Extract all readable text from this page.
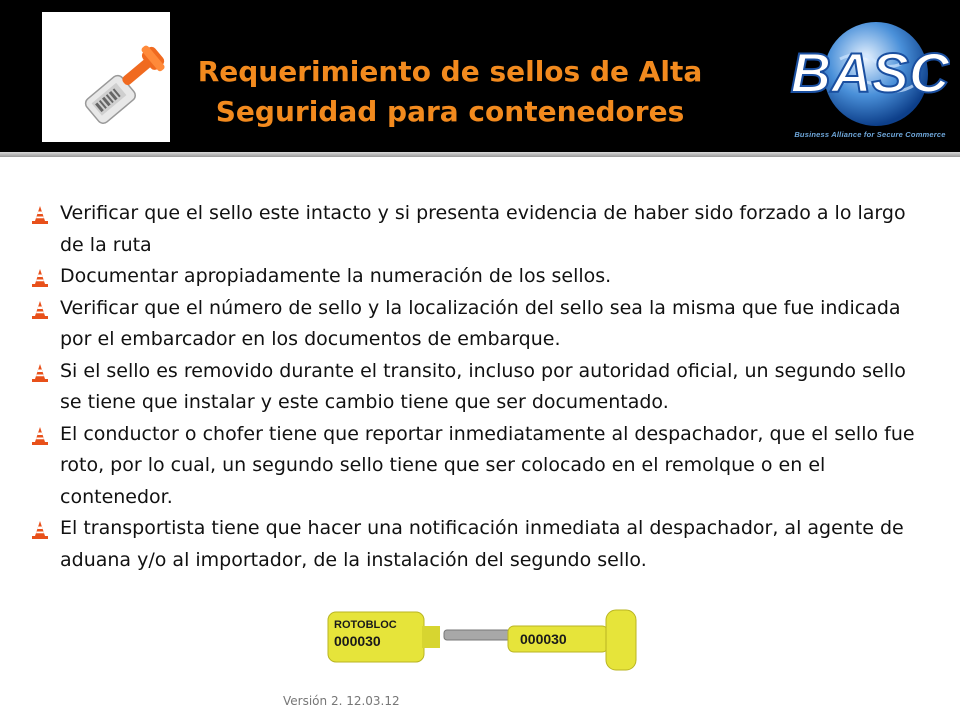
Requerimiento de sellos de Alta
Seguridad para contenedores
BASC
Business Alliance for Secure Commerce
Verificar que el sello este intacto y si presenta evidencia de haber sido forzado a lo largo de la ruta
Documentar apropiadamente la numeración de los sellos.
Verificar que el número de sello y la localización del sello sea la misma que fue indicada por el embarcador en los documentos de embarque.
Si el sello es removido durante el transito, incluso por autoridad oficial, un segundo sello se tiene que instalar y este cambio tiene que ser documentado.
El conductor o chofer tiene que reportar inmediatamente al despachador, que el sello fue roto, por lo cual, un segundo sello tiene que ser colocado en el remolque o en el contenedor.
El transportista tiene que hacer una notificación inmediata al despachador, al agente de aduana y/o al importador, de la instalación del segundo sello.
ROTOBLOC
000030	000030
Versión 2. 12.03.12
